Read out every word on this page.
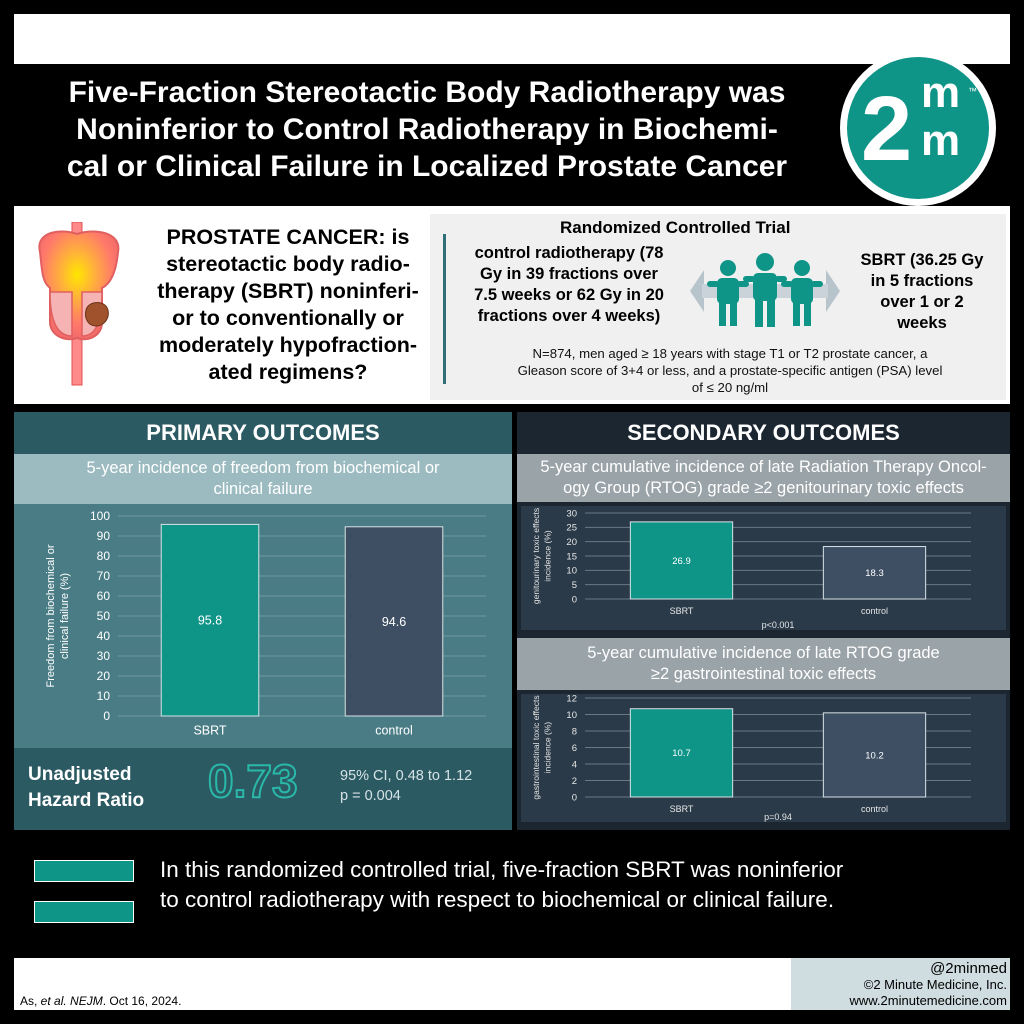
Five-Fraction Stereotactic Body Radiotherapy was
Noninferior to Control Radiotherapy in Biochemi-
cal or Clinical Failure in Localized Prostate Cancer 2 m
m
™
PROSTATE CANCER: is
stereotactic body radio-
therapy (SBRT) noninferi-
or to conventionally or
moderately hypofraction-
ated regimens?
Randomized Controlled Trial
control radiotherapy (78
Gy in 39 fractions over
7.5 weeks or 62 Gy in 20
fractions over 4 weeks)
SBRT (36.25 Gy
in 5 fractions
over 1 or 2
weeks
N=874, men aged ≥ 18 years with stage T1 or T2 prostate cancer, a
Gleason score of 3+4 or less, and a prostate-specific antigen (PSA) level
of ≤ 20 ng/ml
PRIMARY OUTCOMES
5-year incidence of freedom from biochemical or
clinical failure
0
10
20
30
40
50
60
70
80
90
100
95.8
SBRT
94.6
control
Freedom from biochemical or clinical failure (%)
Unadjusted
Hazard Ratio	0.73	95% CI, 0.48 to 1.12
p = 0.004
SECONDARY OUTCOMES
5-year cumulative incidence of late Radiation Therapy Oncol-
ogy Group (RTOG) grade ≥2 genitourinary toxic effects
0
5
10
15
20
25
30
26.9
SBRT
18.3
control
genitourinary toxic effects incidence (%)
p<0.001
5-year cumulative incidence of late RTOG grade
≥2 gastrointestinal toxic effects
0
2
4
6
8
10
12
10.7
SBRT
10.2
control
gastrointestinal toxic effects incidence (%)
p=0.94
In this randomized controlled trial, five-fraction SBRT was noninferior
to control radiotherapy with respect to biochemical or clinical failure.
As, et al. NEJM. Oct 16, 2024.
@2minmed
©2 Minute Medicine, Inc.
www.2minutemedicine.com
